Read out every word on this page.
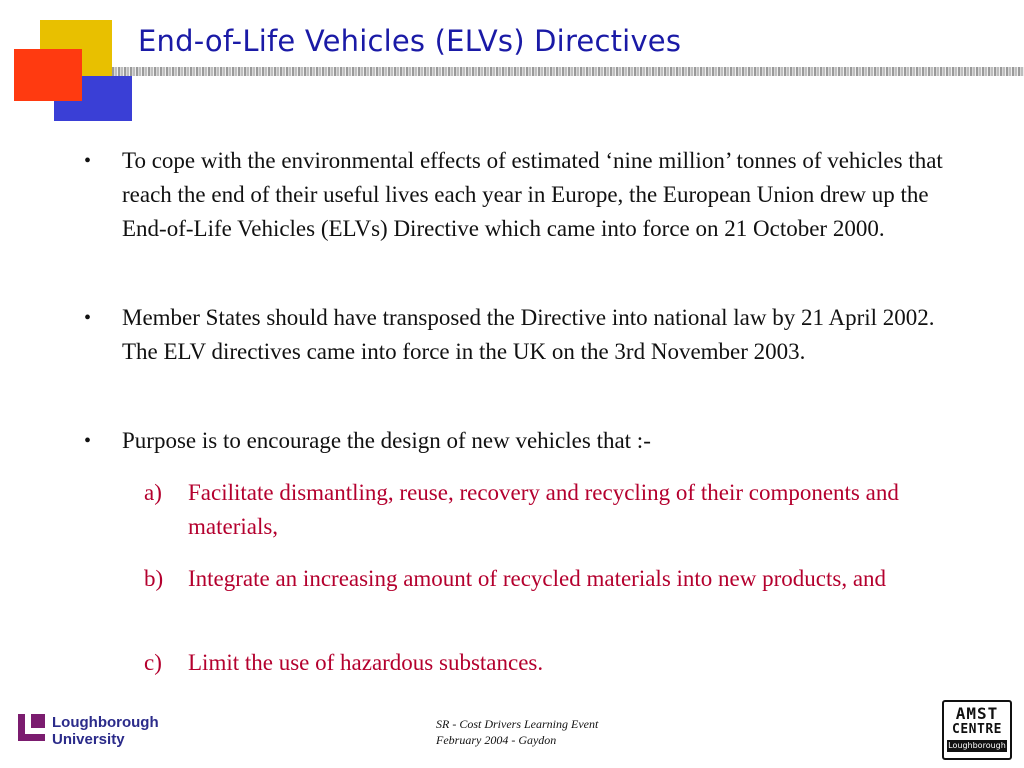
End-of-Life Vehicles (ELVs) Directives
• To cope with the environmental effects of estimated ‘nine million’ tonnes of vehicles that reach the end of their useful lives each year in Europe, the European Union drew up the End-of-Life Vehicles (ELVs) Directive which came into force on 21 October 2000.
• Member States should have transposed the Directive into national law by 21 April 2002. The ELV directives came into force in the UK on the 3rd November 2003.
• Purpose is to encourage the design of new vehicles that :-
a) Facilitate dismantling, reuse, recovery and recycling of their components and materials,
b) Integrate an increasing amount of recycled materials into new products, and
c) Limit the use of hazardous substances.
Loughborough
University
SR - Cost Drivers Learning Event
February 2004 - Gaydon
AMST
CENTRE
Loughborough
